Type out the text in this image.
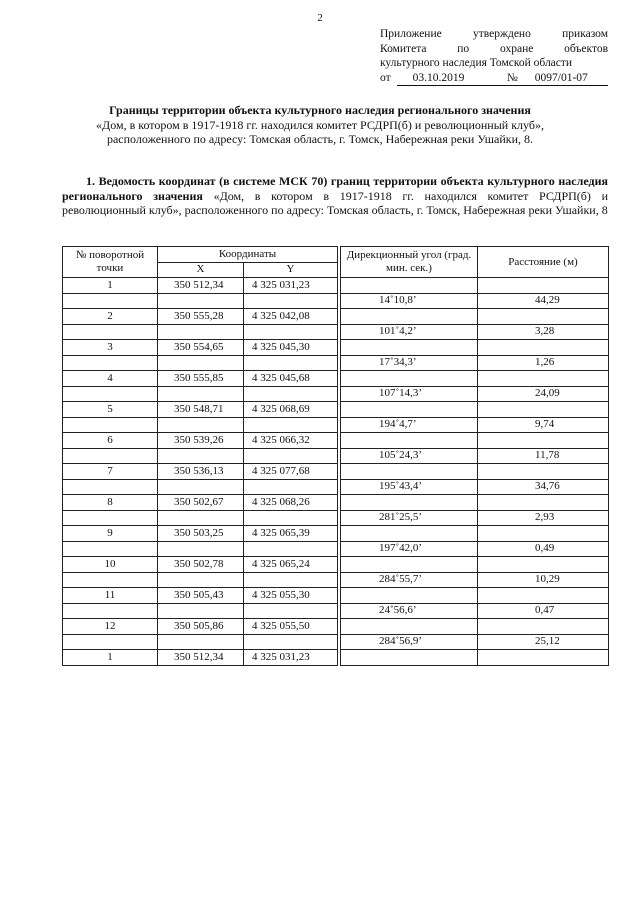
2
Приложение утверждено приказом
Комитета по охране объектов
культурного наследия Томской области
от	03.10.2019	№ 0097/01-07
Границы территории объекта культурного наследия регионального значения
«Дом, в котором в 1917-1918 гг. находился комитет РСДРП(б) и революционный клуб»,
расположенного по адресу: Томская область, г. Томск, Набережная реки Ушайки, 8.
1. Ведомость координат (в системе МСК 70) границ территории объекта культурного наследия регионального значения «Дом, в котором в 1917-1918 гг. находился комитет РСДРП(б) и революционный клуб», расположенного по адресу: Томская область, г. Томск, Набережная реки Ушайки, 8
№ поворотной точки	Координаты			Дирекционный угол (град. мин. сек.)	Расстояние (м)
	X	Y			
1	350 512,34	4 325 031,23			
				14˚10,8’	44,29
2	350 555,28	4 325 042,08			
				101˚4,2’	3,28
3	350 554,65	4 325 045,30			
				17˚34,3’	1,26
4	350 555,85	4 325 045,68			
				107˚14,3’	24,09
5	350 548,71	4 325 068,69			
				194˚4,7’	9,74
6	350 539,26	4 325 066,32			
				105˚24,3’	11,78
7	350 536,13	4 325 077,68			
				195˚43,4’	34,76
8	350 502,67	4 325 068,26			
				281˚25,5’	2,93
9	350 503,25	4 325 065,39			
				197˚42,0’	0,49
10	350 502,78	4 325 065,24			
				284˚55,7’	10,29
11	350 505,43	4 325 055,30			
				24˚56,6’	0,47
12	350 505,86	4 325 055,50			
				284˚56,9’	25,12
1	350 512,34	4 325 031,23			
